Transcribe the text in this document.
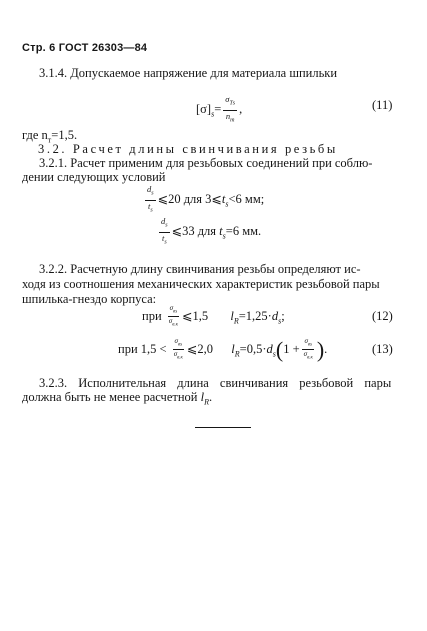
Стр. 6 ГОСТ 26303—84
3.1.4. Допускаемое напряжение для материала шпильки
$[\sigma]_s= \frac{\sigma_{Тs}}{n_т}$ ,	(11)
где $n_т=1,5$.
3.2. Расчет длины свинчивания резьбы
3.2.1. Расчет применим для резьбовых соединений при соблю-
дении следующих условий
$\frac{d_s}{t_s}$ ⩽20 для $3⩽t_s<6$ мм;
$\frac{d_s}{t_s}$ ⩽33 для $t_s=6$ мм.
3.2.2. Расчетную длину свинчивания резьбы определяют ис-
ходя из соотношения механических характеристик резьбовой пары
шпилька-гнездо корпуса:
при $\frac{\sigma_{вs}}{\sigma_{в.к}}$ ⩽1,5 $l_R=1,25\cdot d_s$;	(12)
при $1,5 < \frac{\sigma_{вs}}{\sigma_{в.к}}$ ⩽2,0 $l_R=0,5\cdot d_s(1 + \frac{\sigma_{вs}}{\sigma_{в.к}}$ ).	(13)
3.2.3. Исполнительная длина свинчивания резьбовой пары
должна быть не менее расчетной $l_R$.
